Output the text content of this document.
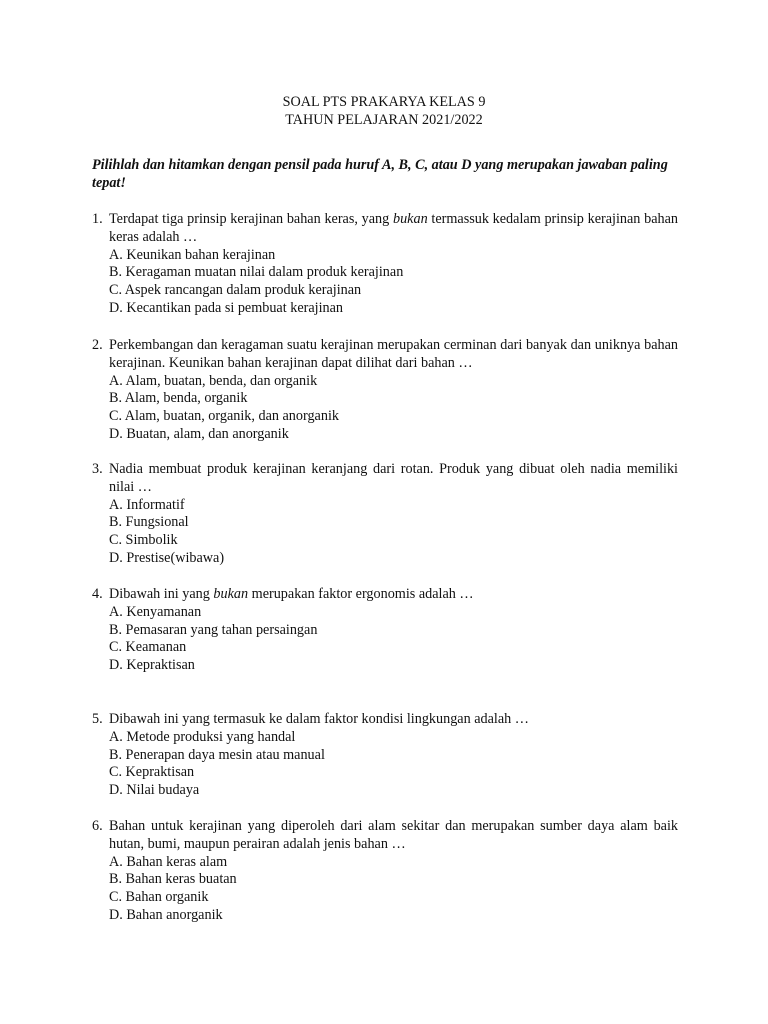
SOAL PTS PRAKARYA KELAS 9
TAHUN PELAJARAN 2021/2022
Pilihlah dan hitamkan dengan pensil pada huruf A, B, C, atau D yang merupakan jawaban paling tepat!
1. Terdapat tiga prinsip kerajinan bahan keras, yang bukan termassuk kedalam prinsip kerajinan bahan keras adalah …
A. Keunikan bahan kerajinan
B. Keragaman muatan nilai dalam produk kerajinan
C. Aspek rancangan dalam produk kerajinan
D. Kecantikan pada si pembuat kerajinan
2. Perkembangan dan keragaman suatu kerajinan merupakan cerminan dari banyak dan uniknya bahan kerajinan. Keunikan bahan kerajinan dapat dilihat dari bahan …
A. Alam, buatan, benda, dan organik
B. Alam, benda, organik
C. Alam, buatan, organik, dan anorganik
D. Buatan, alam, dan anorganik
3. Nadia membuat produk kerajinan keranjang dari rotan. Produk yang dibuat oleh nadia memiliki nilai …
A. Informatif
B. Fungsional
C. Simbolik
D. Prestise(wibawa)
4. Dibawah ini yang bukan merupakan faktor ergonomis adalah …
A. Kenyamanan
B. Pemasaran yang tahan persaingan
C. Keamanan
D. Kepraktisan
5. Dibawah ini yang termasuk ke dalam faktor kondisi lingkungan adalah …
A. Metode produksi yang handal
B. Penerapan daya mesin atau manual
C. Kepraktisan
D. Nilai budaya
6. Bahan untuk kerajinan yang diperoleh dari alam sekitar dan merupakan sumber daya alam baik hutan, bumi, maupun perairan adalah jenis bahan …
A. Bahan keras alam
B. Bahan keras buatan
C. Bahan organik
D. Bahan anorganik
